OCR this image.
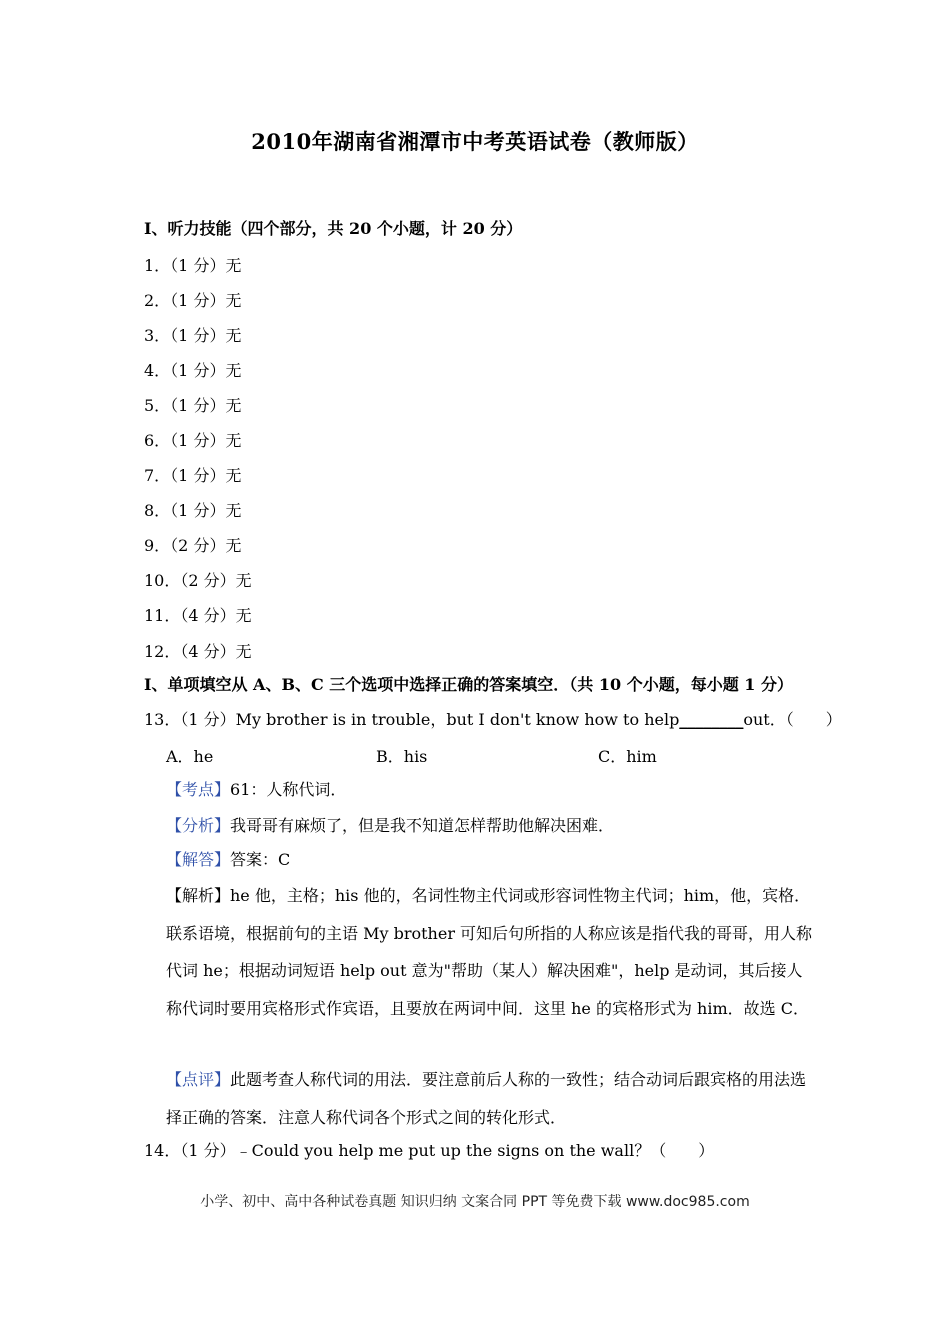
2010年湖南省湘潭市中考英语试卷（教师版）
I、听力技能（四个部分，共 20 个小题，计 20 分）
1．（1 分）无
2．（1 分）无
3．（1 分）无
4．（1 分）无
5．（1 分）无
6．（1 分）无
7．（1 分）无
8．（1 分）无
9．（2 分）无
10．（2 分）无
11．（4 分）无
12．（4 分）无
I、单项填空从 A、B、C 三个选项中选择正确的答案填空．（共 10 个小题，每小题 1 分）
13．（1 分）My brother is in trouble，but I don't know how to help________out．（　　）
A．he	B．his	C．him
【考点】61：人称代词．
【分析】我哥哥有麻烦了，但是我不知道怎样帮助他解决困难．
【解答】答案：C
【解析】he 他，主格；his 他的，名词性物主代词或形容词性物主代词；him，他，宾格．联系语境，根据前句的主语 My brother 可知后句所指的人称应该是指代我的哥哥，用人称代词 he；根据动词短语 help out 意为"帮助（某人）解决困难"，help 是动词，其后接人称代词时要用宾格形式作宾语，且要放在两词中间．这里 he 的宾格形式为 him．故选 C．
【点评】此题考查人称代词的用法．要注意前后人称的一致性；结合动词后跟宾格的用法选择正确的答案．注意人称代词各个形式之间的转化形式．
14．（1 分）﹣Could you help me put up the signs on the wall？（　　）
小学、初中、高中各种试卷真题 知识归纳 文案合同 PPT 等免费下载 www.doc985.com
